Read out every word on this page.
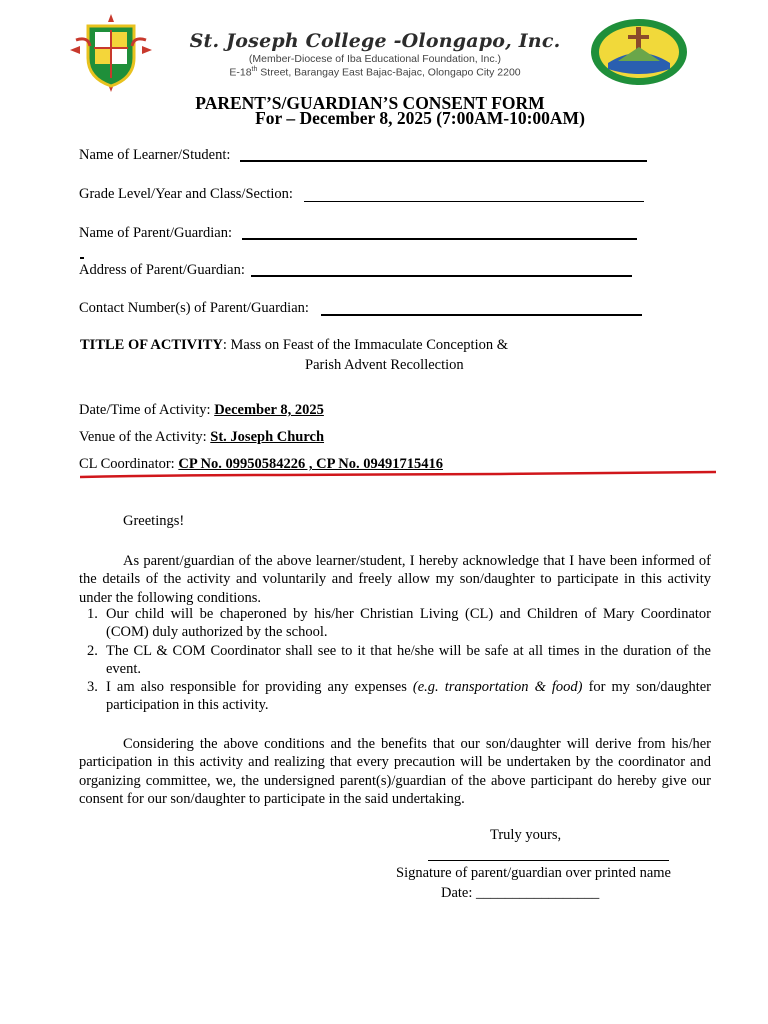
St. Joseph College -Olongapo, Inc.
(Member-Diocese of Iba Educational Foundation, Inc.)
E-18th Street, Barangay East Bajac-Bajac, Olongapo City 2200
PARENT’S/GUARDIAN’S CONSENT FORM
For – December 8, 2025 (7:00AM-10:00AM)
Name of Learner/Student:
Grade Level/Year and Class/Section:
Name of Parent/Guardian:
Address of Parent/Guardian:
Contact Number(s) of Parent/Guardian:
TITLE OF ACTIVITY: Mass on Feast of the Immaculate Conception &
Parish Advent Recollection
Date/Time of Activity: December 8, 2025
Venue of the Activity: St. Joseph Church
CL Coordinator: CP No. 09950584226 , CP No. 09491715416
Greetings!
As parent/guardian of the above learner/student, I hereby acknowledge that I have been informed of the details of the activity and voluntarily and freely allow my son/daughter to participate in this activity under the following conditions.
1. Our child will be chaperoned by his/her Christian Living (CL) and Children of Mary Coordinator (COM) duly authorized by the school.
2. The CL & COM Coordinator shall see to it that he/she will be safe at all times in the duration of the event.
3. I am also responsible for providing any expenses (e.g. transportation & food) for my son/daughter participation in this activity.
Considering the above conditions and the benefits that our son/daughter will derive from his/her participation in this activity and realizing that every precaution will be undertaken by the coordinator and organizing committee, we, the undersigned parent(s)/guardian of the above participant do hereby give our consent for our son/daughter to participate in the said undertaking.
Truly yours,
Signature of parent/guardian over printed name
Date: _________________
